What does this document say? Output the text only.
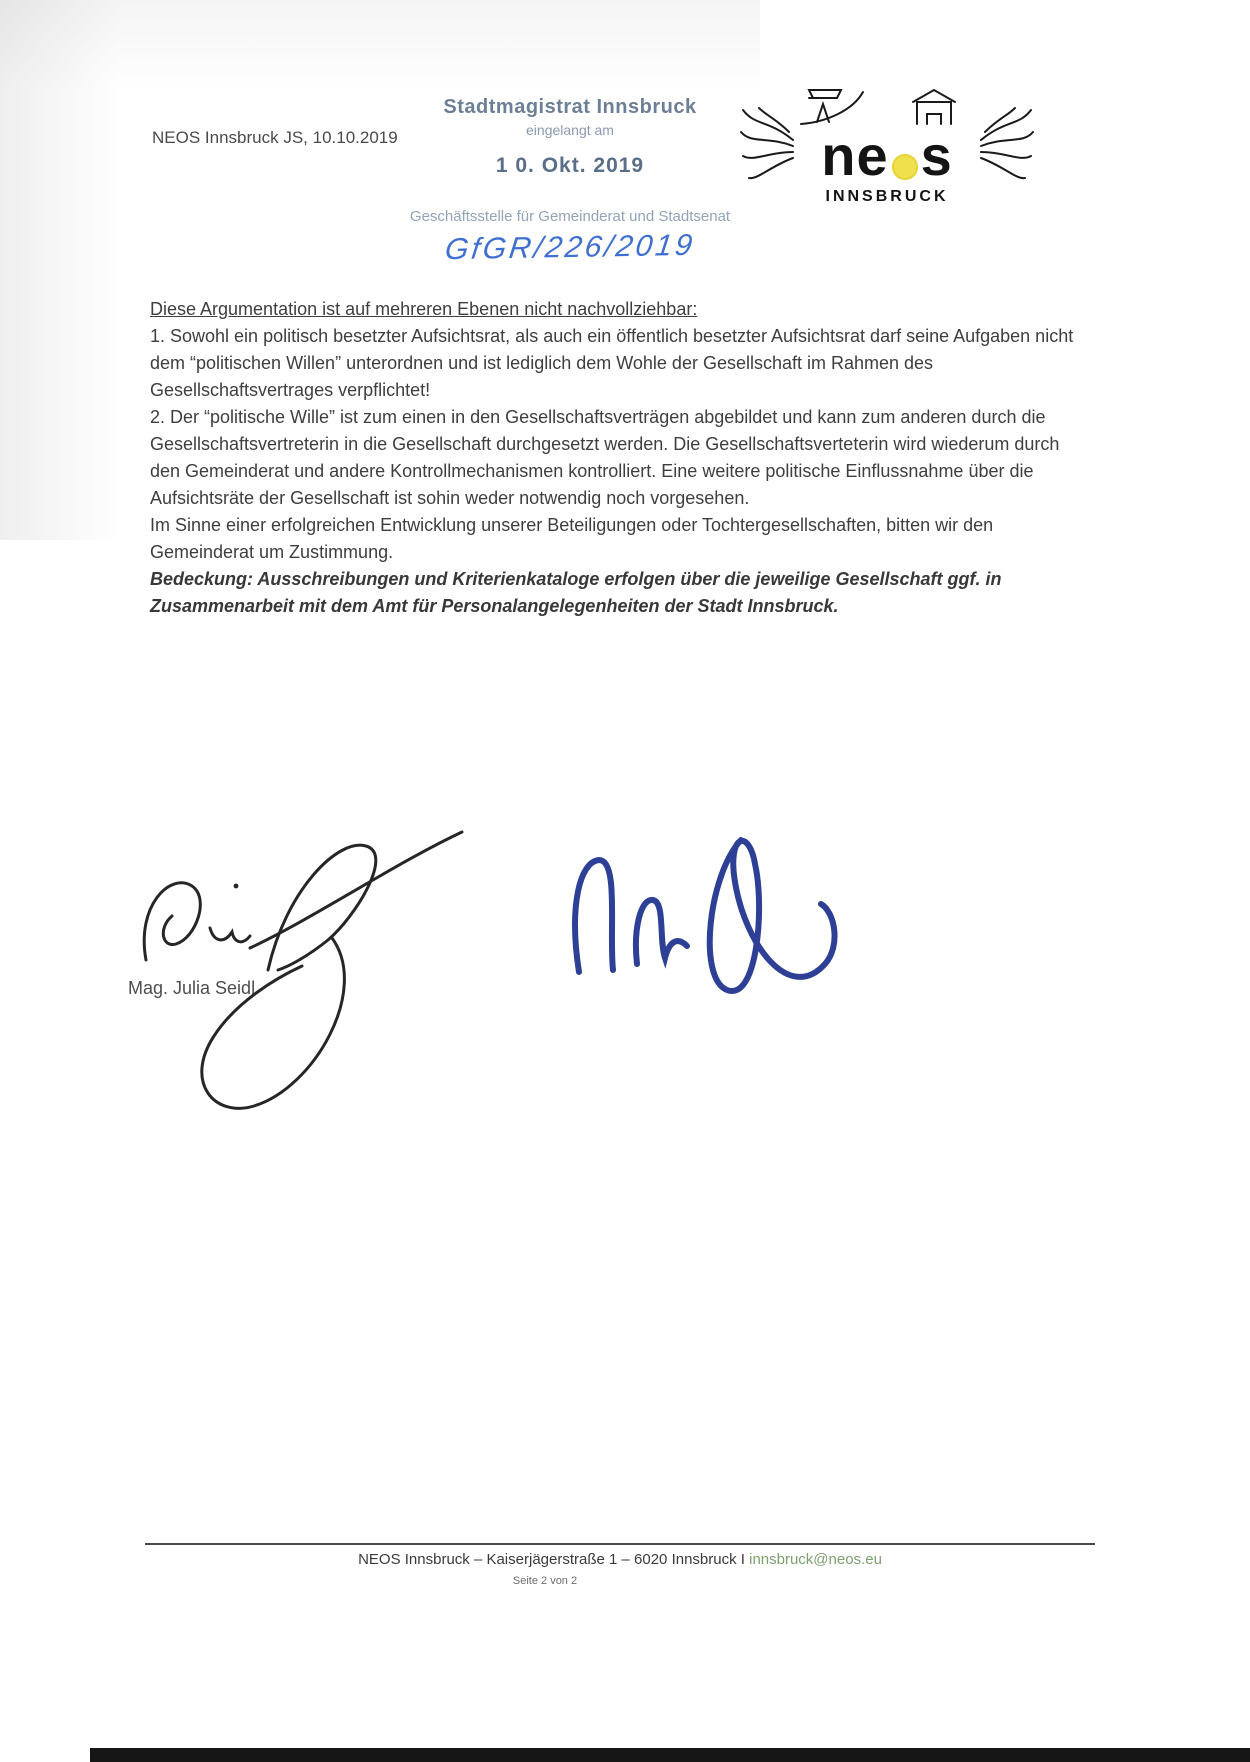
NEOS Innsbruck JS, 10.10.2019
Stadtmagistrat Innsbruck
eingelangt am
1 0. Okt. 2019
Geschäftsstelle für Gemeinderat und Stadtsenat
GfGR/226/2019
ne s
INNSBRUCK
Diese Argumentation ist auf mehreren Ebenen nicht nachvollziehbar:

1. Sowohl ein politisch besetzter Aufsichtsrat, als auch ein öffentlich besetzter Aufsichtsrat darf seine Aufgaben nicht dem “politischen Willen” unterordnen und ist lediglich dem Wohle der Gesellschaft im Rahmen des Gesellschaftsvertrages verpflichtet!

2. Der “politische Wille” ist zum einen in den Gesellschaftsverträgen abgebildet und kann zum anderen durch die Gesellschaftsvertreterin in die Gesellschaft durchgesetzt werden. Die Gesellschaftsverteterin wird wiederum durch den Gemeinderat und andere Kontrollmechanismen kontrolliert. Eine weitere politische Einflussnahme über die Aufsichtsräte der Gesellschaft ist sohin weder notwendig noch vorgesehen.

Im Sinne einer erfolgreichen Entwicklung unserer Beteiligungen oder Tochtergesellschaften, bitten wir den Gemeinderat um Zustimmung.

Bedeckung: Ausschreibungen und Kriterienkataloge erfolgen über die jeweilige Gesellschaft ggf. in Zusammenarbeit mit dem Amt für Personalangelegenheiten der Stadt Innsbruck.

Mag. Julia Seidl
NEOS Innsbruck – Kaiserjägerstraße 1 – 6020 Innsbruck I innsbruck@neos.eu
Seite 2 von 2
